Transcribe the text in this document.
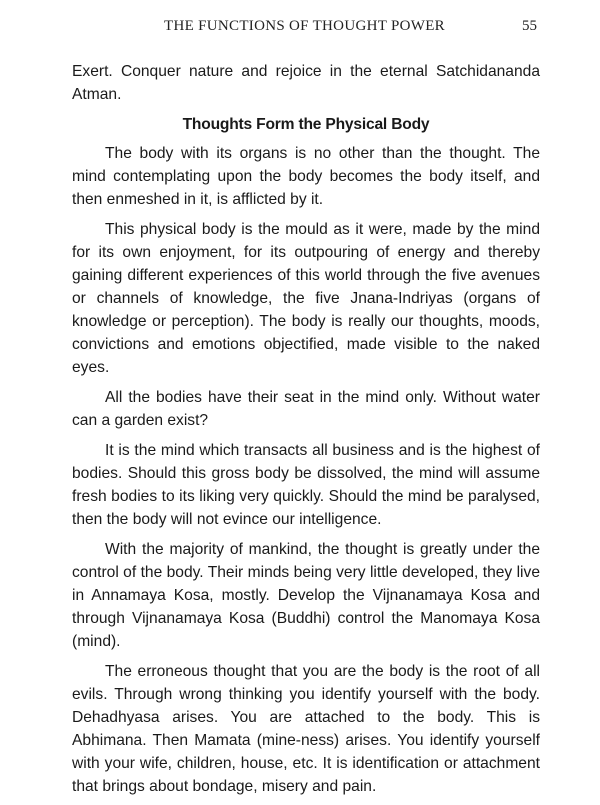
THE FUNCTIONS OF THOUGHT POWER	55

Exert. Conquer nature and rejoice in the eternal Satchidananda Atman.

Thoughts Form the Physical Body

The body with its organs is no other than the thought. The mind contemplating upon the body becomes the body itself, and then enmeshed in it, is afflicted by it.

This physical body is the mould as it were, made by the mind for its own enjoyment, for its outpouring of energy and thereby gaining different experiences of this world through the five avenues or channels of knowledge, the five Jnana-Indriyas (organs of knowledge or perception). The body is really our thoughts, moods, convictions and emotions objectified, made visible to the naked eyes.

All the bodies have their seat in the mind only. Without water can a garden exist?

It is the mind which transacts all business and is the highest of bodies. Should this gross body be dissolved, the mind will assume fresh bodies to its liking very quickly. Should the mind be paralysed, then the body will not evince our intelligence.

With the majority of mankind, the thought is greatly under the control of the body. Their minds being very little developed, they live in Annamaya Kosa, mostly. Develop the Vijnanamaya Kosa and through Vijnanamaya Kosa (Buddhi) control the Manomaya Kosa (mind).

The erroneous thought that you are the body is the root of all evils. Through wrong thinking you identify yourself with the body. Dehadhyasa arises. You are attached to the body. This is Abhimana. Then Mamata (mine-ness) arises. You identify yourself with your wife, children, house, etc. It is identification or attachment that brings about bondage, misery and pain.
